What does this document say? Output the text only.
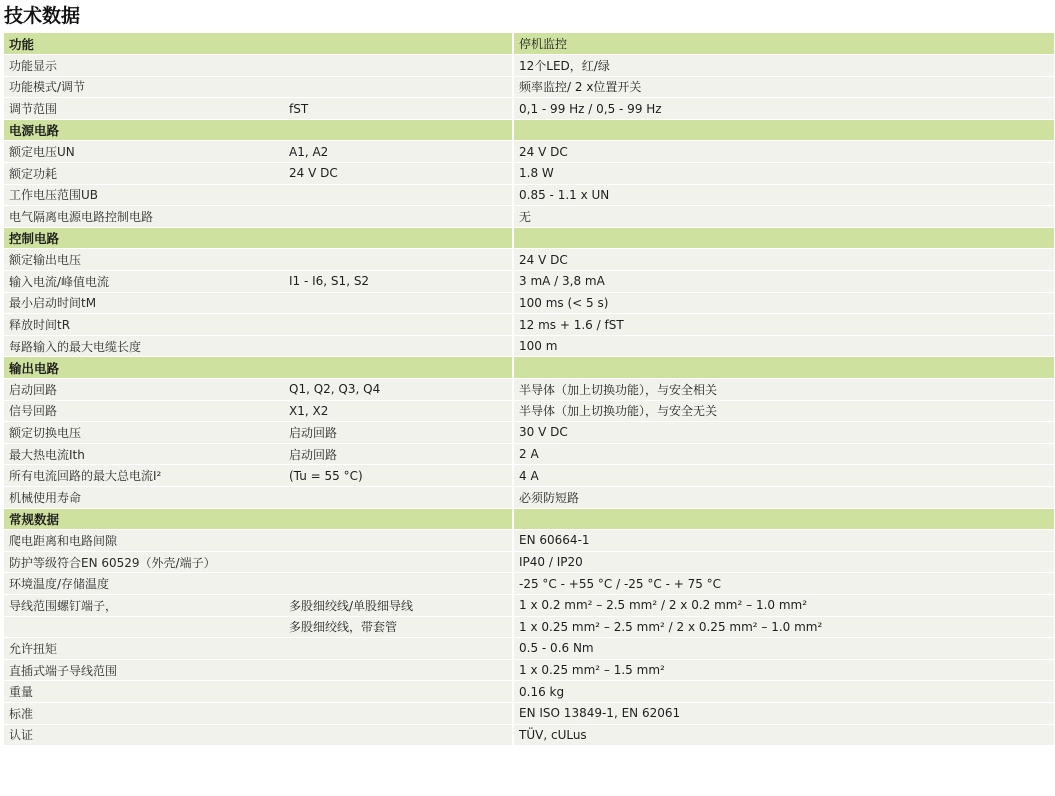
技术数据
功能		停机监控
功能显示		12个LED，红/绿
功能模式/调节		频率监控/ 2 x位置开关
调节范围	fST	0,1 - 99 Hz / 0,5 - 99 Hz
电源电路		
额定电压UN	A1, A2	24 V DC
额定功耗	24 V DC	1.8 W
工作电压范围UB		0.85 - 1.1 x UN
电气隔离电源电路控制电路		无
控制电路		
额定输出电压		24 V DC
输入电流/峰值电流	I1 - I6, S1, S2	3 mA / 3,8 mA
最小启动时间tM		100 ms (< 5 s)
释放时间tR		12 ms + 1.6 / fST
每路输入的最大电缆长度		100 m
输出电路		
启动回路	Q1, Q2, Q3, Q4	半导体（加上切换功能），与安全相关
信号回路	X1, X2	半导体（加上切换功能），与安全无关
额定切换电压	启动回路	30 V DC
最大热电流Ith	启动回路	2 A
所有电流回路的最大总电流I²	(Tu = 55 °C)	4 A
机械使用寿命		必须防短路
常规数据		
爬电距离和电路间隙		EN 60664-1
防护等级符合EN 60529（外壳/端子）		IP40 / IP20
环境温度/存储温度		-25 °C - +55 °C / -25 °C - + 75 °C
导线范围螺钉端子，	多股细绞线/单股细导线	1 x 0.2 mm² – 2.5 mm² / 2 x 0.2 mm² – 1.0 mm²
	多股细绞线，带套管	1 x 0.25 mm² – 2.5 mm² / 2 x 0.25 mm² – 1.0 mm²
允许扭矩		0.5 - 0.6 Nm
直插式端子导线范围		1 x 0.25 mm² – 1.5 mm²
重量		0.16 kg
标准		EN ISO 13849-1, EN 62061
认证		TÜV, cULus
